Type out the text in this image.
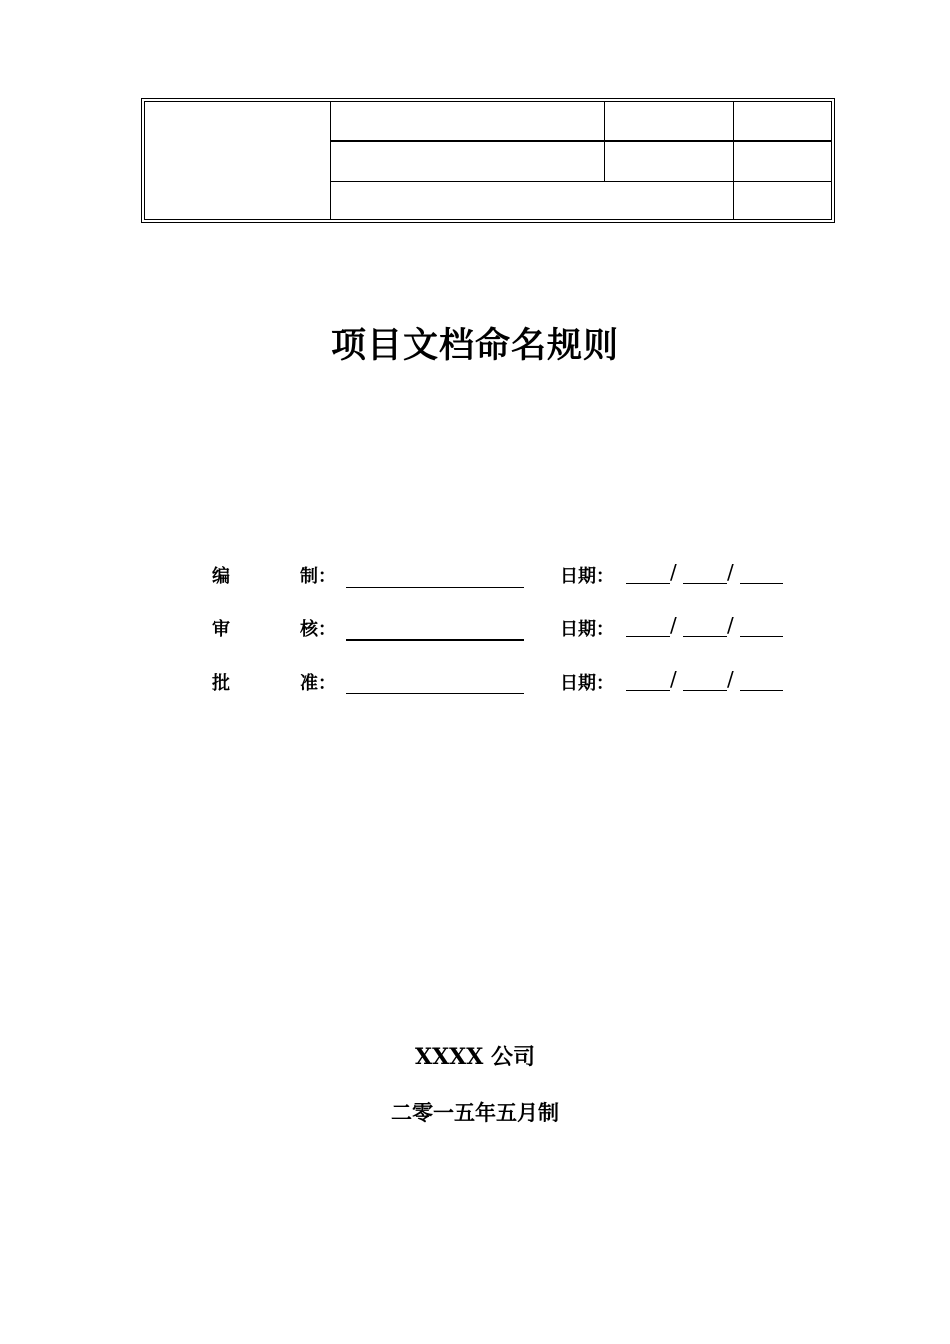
项目文档命名规则
编	制：	日期：	/	/
审	核：	日期：	/	/
批	准：	日期：	/	/
XXXX 公司
二零一五年五月制
